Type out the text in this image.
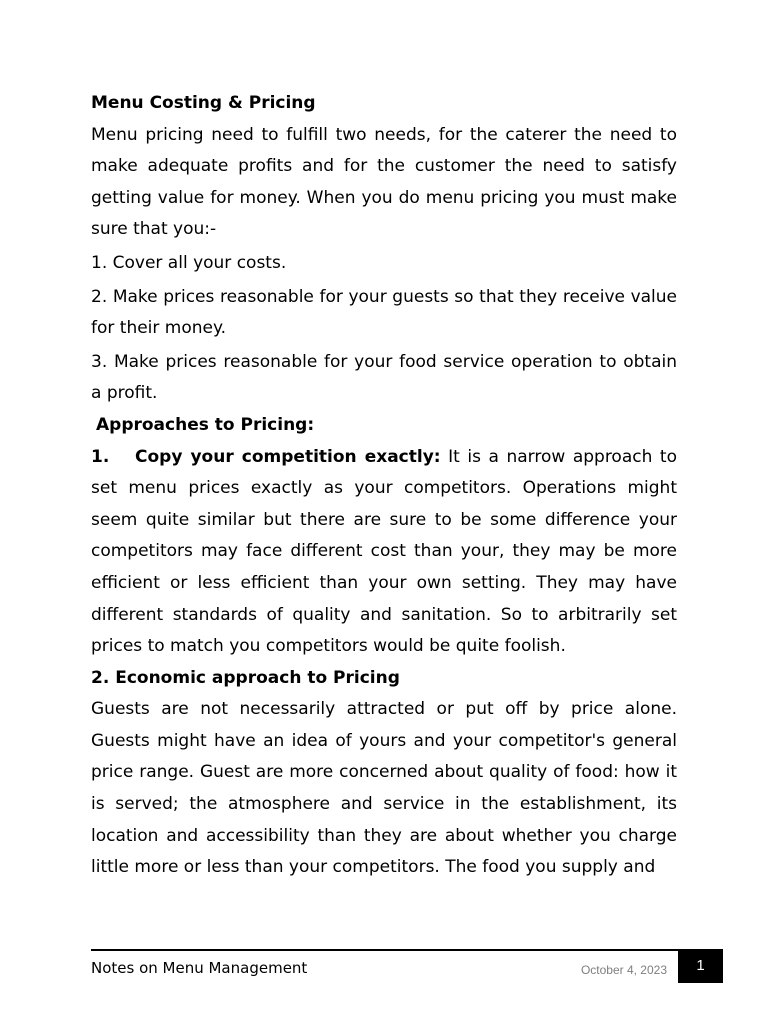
Menu Costing & Pricing

Menu pricing need to fulfill two needs, for the caterer the need to make adequate profits and for the customer the need to satisfy getting value for money. When you do menu pricing you must make sure that you:-

1. Cover all your costs.

2. Make prices reasonable for your guests so that they receive value for their money.

3. Make prices reasonable for your food service operation to obtain a profit.

Approaches to Pricing:

1. Copy your competition exactly: It is a narrow approach to set menu prices exactly as your competitors. Operations might seem quite similar but there are sure to be some difference your competitors may face different cost than your, they may be more efficient or less efficient than your own setting. They may have different standards of quality and sanitation. So to arbitrarily set prices to match you competitors would be quite foolish.

2. Economic approach to Pricing

Guests are not necessarily attracted or put off by price alone. Guests might have an idea of yours and your competitor's general price range. Guest are more concerned about quality of food: how it is served; the atmosphere and service in the establishment, its location and accessibility than they are about whether you charge little more or less than your competitors. The food you supply and

Notes on Menu Management	October 4, 2023	1
